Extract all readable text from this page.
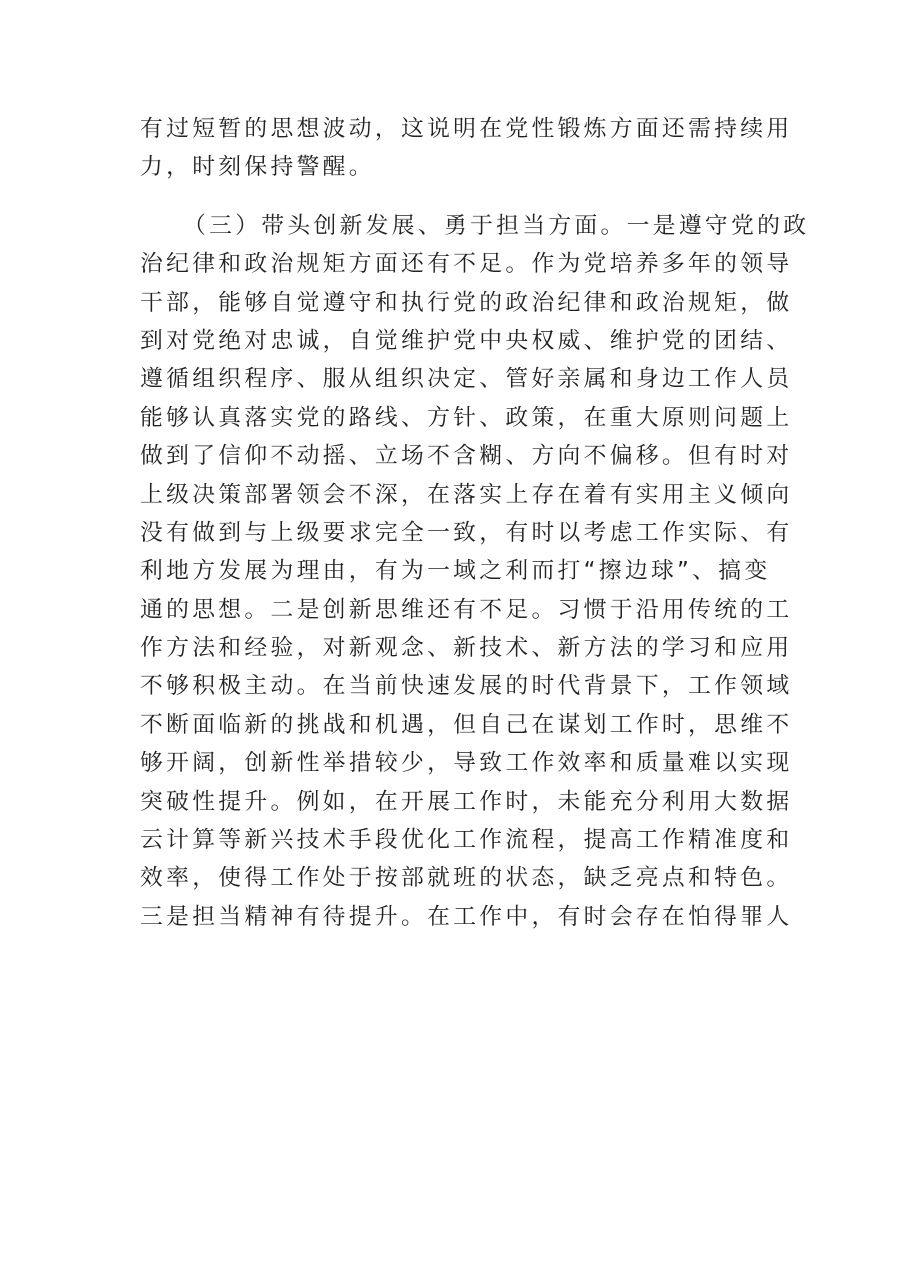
有过短暂的思想波动，这说明在党性锻炼方面还需持续用
力，时刻保持警醒。
（三）带头创新发展、勇于担当方面。一是遵守党的政
治纪律和政治规矩方面还有不足。作为党培养多年的领导
干部，能够自觉遵守和执行党的政治纪律和政治规矩，做
到对党绝对忠诚，自觉维护党中央权威、维护党的团结、
遵循组织程序、服从组织决定、管好亲属和身边工作人员
能够认真落实党的路线、方针、政策，在重大原则问题上
做到了信仰不动摇、立场不含糊、方向不偏移。但有时对
上级决策部署领会不深，在落实上存在着有实用主义倾向
没有做到与上级要求完全一致，有时以考虑工作实际、有
利地方发展为理由，有为一域之利而打“擦边球”、搞变
通的思想。二是创新思维还有不足。习惯于沿用传统的工
作方法和经验，对新观念、新技术、新方法的学习和应用
不够积极主动。在当前快速发展的时代背景下，工作领域
不断面临新的挑战和机遇，但自己在谋划工作时，思维不
够开阔，创新性举措较少，导致工作效率和质量难以实现
突破性提升。例如，在开展工作时，未能充分利用大数据
云计算等新兴技术手段优化工作流程，提高工作精准度和
效率，使得工作处于按部就班的状态，缺乏亮点和特色。
三是担当精神有待提升。在工作中，有时会存在怕得罪人
